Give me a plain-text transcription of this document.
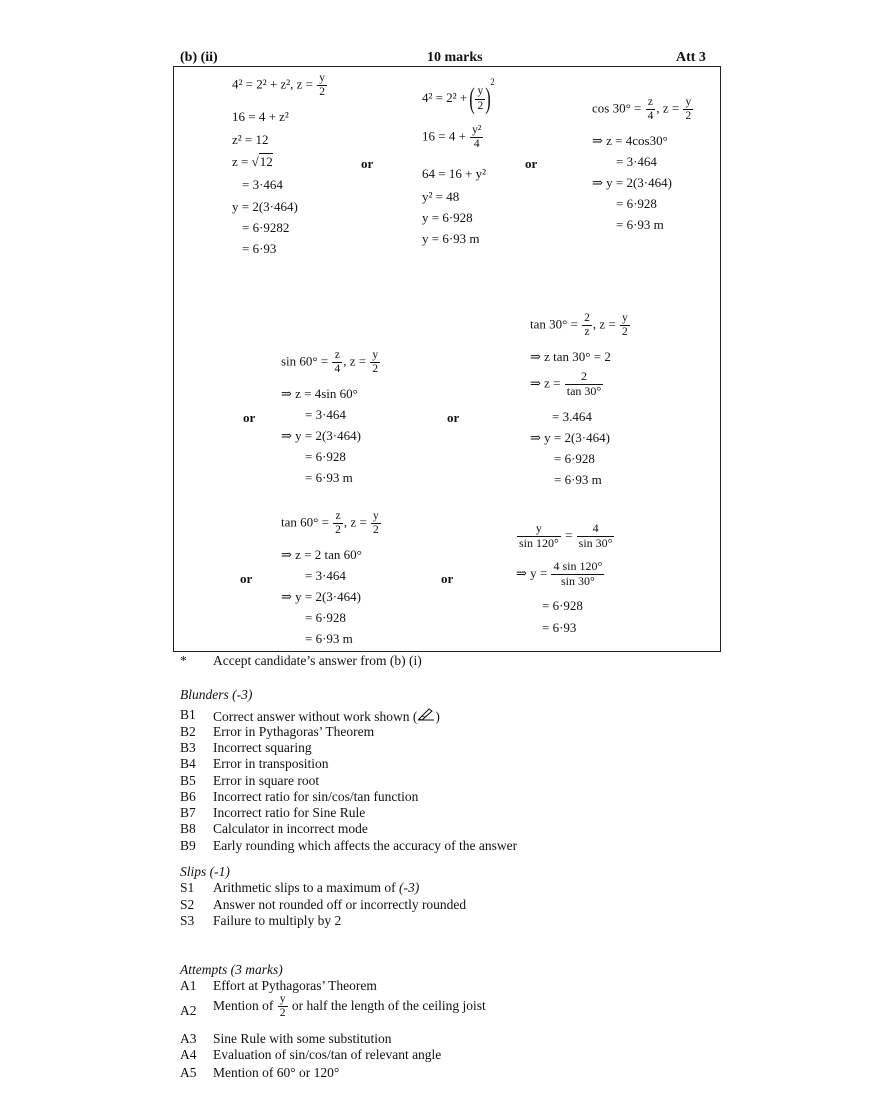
(b) (ii)	10 marks	Att 3
4² = 2² + z², $z = \frac{y}{2}$
16 = 4 + z²
z² = 12
z = √12
= 3·464
y = 2(3·464)
= 6·9282
= 6·93
or
4² = 2² + ( $\frac{y}{2} )^2$
$16 = 4 + \frac{\text{y²}}{4}$
64 = 16 + y²
y² = 48
y = 6·928
y = 6·93 m
or
$\cos 30^\circ = \frac{z}{4}$ , $z = \frac{y}{2}$
⇒ z = 4cos30°
= 3·464
⇒ y = 2(3·464)
= 6·928
= 6·93 m
or
$\sin 60^\circ = \frac{z}{4}$ , $z = \frac{y}{2}$
⇒ z = 4sin 60°
= 3·464
⇒ y = 2(3·464)
= 6·928
= 6·93 m
or
$\tan 30^\circ = \frac{2}{z}$ , $z = \frac{y}{2}$
⇒ z tan 30° = 2
⇒ $z = \frac{2}{\tan 30^\circ}$
= 3.464
⇒ y = 2(3·464)
= 6·928
= 6·93 m
or
$\tan 60^\circ = \frac{z}{2}$ , $z = \frac{y}{2}$
⇒ z = 2 tan 60°
= 3·464
⇒ y = 2(3·464)
= 6·928
= 6·93 m
or
$\frac{y}{\sin 120^\circ} = \frac{4}{\sin 30^\circ}$
⇒ $y = \frac{4 \sin 120^\circ}{\sin 30^\circ}$
= 6·928
= 6·93
* Accept candidate’s answer from (b) (i)
Blunders (-3)
B1 Correct answer without work shown ( )
B2 Error in Pythagoras’ Theorem
B3 Incorrect squaring
B4 Error in transposition
B5 Error in square root
B6 Incorrect ratio for sin/cos/tan function
B7 Incorrect ratio for Sine Rule
B8 Calculator in incorrect mode
B9 Early rounding which affects the accuracy of the answer
Slips (-1)
S1 Arithmetic slips to a maximum of (-3)
S2 Answer not rounded off or incorrectly rounded
S3 Failure to multiply by 2
Attempts (3 marks)
A1 Effort at Pythagoras’ Theorem
A2 Mention of $\frac{y}{2}$ or half the length of the ceiling joist
A3 Sine Rule with some substitution
A4 Evaluation of sin/cos/tan of relevant angle
A5 Mention of 60° or 120°
